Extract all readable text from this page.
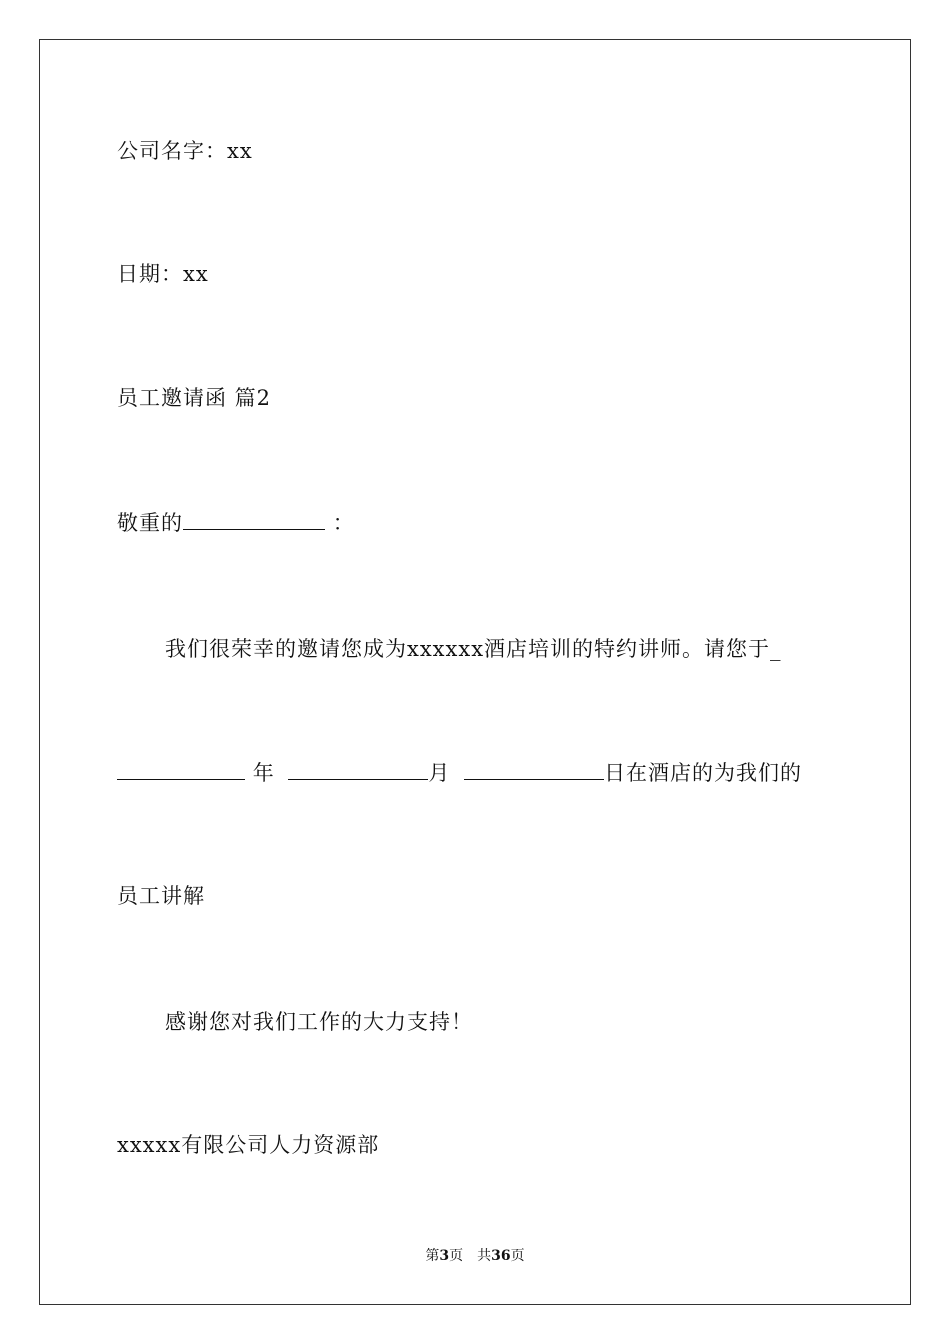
公司名字：xx
日期：xx
员工邀请函 篇2
敬重的	：
我们很荣幸的邀请您成为xxxxxx酒店培训的特约讲师。请您于_
年	月	日在酒店的为我们的
员工讲解
感谢您对我们工作的大力支持！
xxxxx有限公司人力资源部
第3页　共36页
